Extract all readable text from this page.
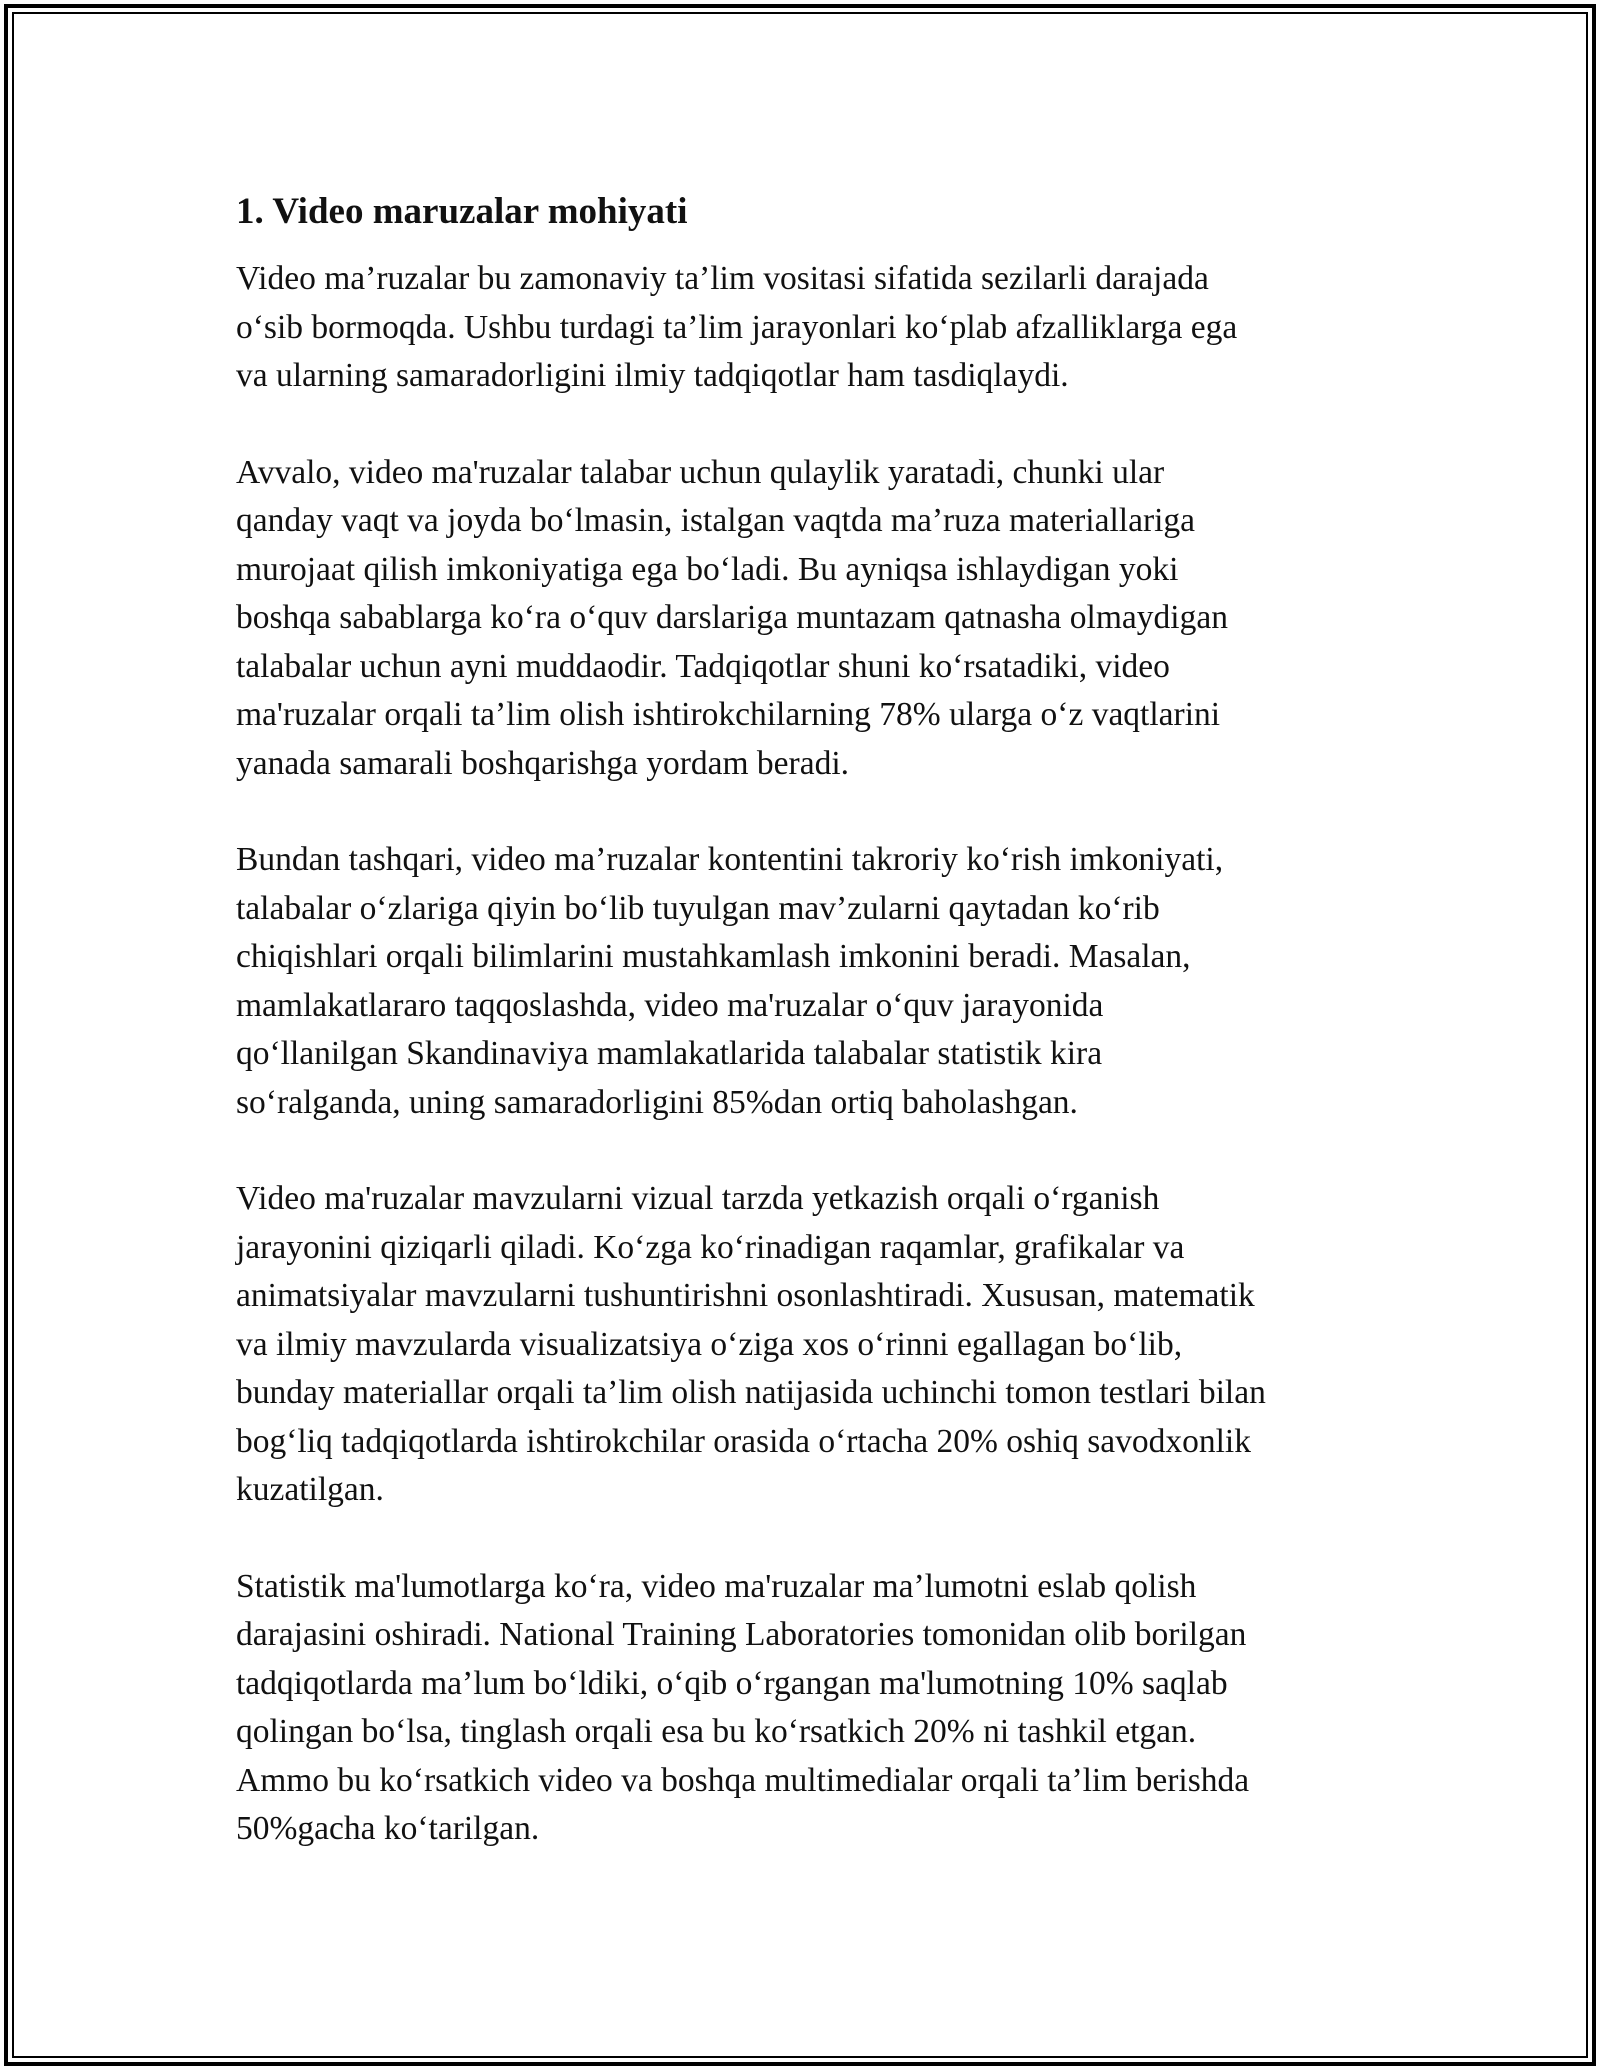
1. Video maruzalar mohiyati
Video ma’ruzalar bu zamonaviy ta’lim vositasi sifatida sezilarli darajada
o‘sib bormoqda. Ushbu turdagi ta’lim jarayonlari ko‘plab afzalliklarga ega
va ularning samaradorligini ilmiy tadqiqotlar ham tasdiqlaydi.
Avvalo, video ma'ruzalar talabar uchun qulaylik yaratadi, chunki ular
qanday vaqt va joyda bo‘lmasin, istalgan vaqtda ma’ruza materiallariga
murojaat qilish imkoniyatiga ega bo‘ladi. Bu ayniqsa ishlaydigan yoki
boshqa sabablarga ko‘ra o‘quv darslariga muntazam qatnasha olmaydigan
talabalar uchun ayni muddaodir. Tadqiqotlar shuni ko‘rsatadiki, video
ma'ruzalar orqali ta’lim olish ishtirokchilarning 78% ularga o‘z vaqtlarini
yanada samarali boshqarishga yordam beradi.
Bundan tashqari, video ma’ruzalar kontentini takroriy ko‘rish imkoniyati,
talabalar o‘zlariga qiyin bo‘lib tuyulgan mav’zularni qaytadan ko‘rib
chiqishlari orqali bilimlarini mustahkamlash imkonini beradi. Masalan,
mamlakatlararo taqqoslashda, video ma'ruzalar o‘quv jarayonida
qo‘llanilgan Skandinaviya mamlakatlarida talabalar statistik kira
so‘ralganda, uning samaradorligini 85%dan ortiq baholashgan.
Video ma'ruzalar mavzularni vizual tarzda yetkazish orqali o‘rganish
jarayonini qiziqarli qiladi. Ko‘zga ko‘rinadigan raqamlar, grafikalar va
animatsiyalar mavzularni tushuntirishni osonlashtiradi. Xususan, matematik
va ilmiy mavzularda visualizatsiya o‘ziga xos o‘rinni egallagan bo‘lib,
bunday materiallar orqali ta’lim olish natijasida uchinchi tomon testlari bilan
bog‘liq tadqiqotlarda ishtirokchilar orasida o‘rtacha 20% oshiq savodxonlik
kuzatilgan.
Statistik ma'lumotlarga ko‘ra, video ma'ruzalar ma’lumotni eslab qolish
darajasini oshiradi. National Training Laboratories tomonidan olib borilgan
tadqiqotlarda ma’lum bo‘ldiki, o‘qib o‘rgangan ma'lumotning 10% saqlab
qolingan bo‘lsa, tinglash orqali esa bu ko‘rsatkich 20% ni tashkil etgan.
Ammo bu ko‘rsatkich video va boshqa multimedialar orqali ta’lim berishda
50%gacha ko‘tarilgan.
